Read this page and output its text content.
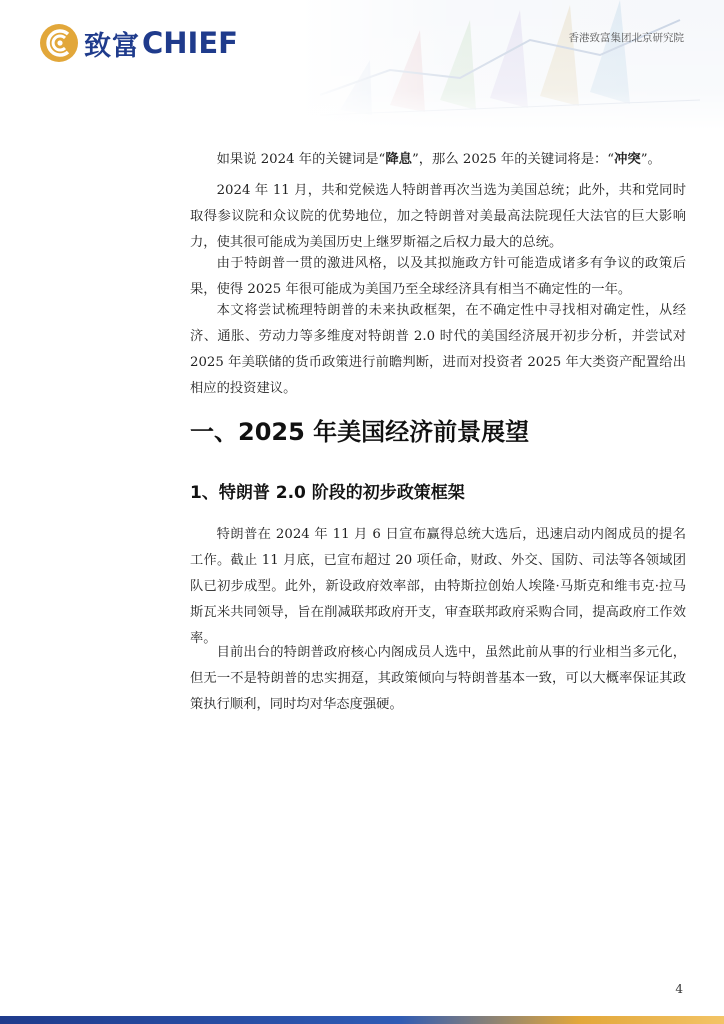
致富 CHIEF	香港致富集团北京研究院

如果说 2024 年的关键词是“降息”，那么 2025 年的关键词将是：“冲突”。

2024 年 11 月，共和党候选人特朗普再次当选为美国总统；此外，共和党同时取得参议院和众议院的优势地位，加之特朗普对美最高法院现任大法官的巨大影响力，使其很可能成为美国历史上继罗斯福之后权力最大的总统。

由于特朗普一贯的激进风格，以及其拟施政方针可能造成诸多有争议的政策后果，使得 2025 年很可能成为美国乃至全球经济具有相当不确定性的一年。

本文将尝试梳理特朗普的未来执政框架，在不确定性中寻找相对确定性，从经济、通胀、劳动力等多维度对特朗普 2.0 时代的美国经济展开初步分析，并尝试对 2025 年美联储的货币政策进行前瞻判断，进而对投资者 2025 年大类资产配置给出相应的投资建议。

一、2025 年美国经济前景展望
1、特朗普 2.0 阶段的初步政策框架

特朗普在 2024 年 11 月 6 日宣布赢得总统大选后，迅速启动内阁成员的提名工作。截止 11 月底，已宣布超过 20 项任命，财政、外交、国防、司法等各领域团队已初步成型。此外，新设政府效率部，由特斯拉创始人埃隆·马斯克和维韦克·拉马斯瓦米共同领导，旨在削减联邦政府开支，审查联邦政府采购合同，提高政府工作效率。

目前出台的特朗普政府核心内阁成员人选中，虽然此前从事的行业相当多元化，但无一不是特朗普的忠实拥趸，其政策倾向与特朗普基本一致，可以大概率保证其政策执行顺利，同时均对华态度强硬。

4
